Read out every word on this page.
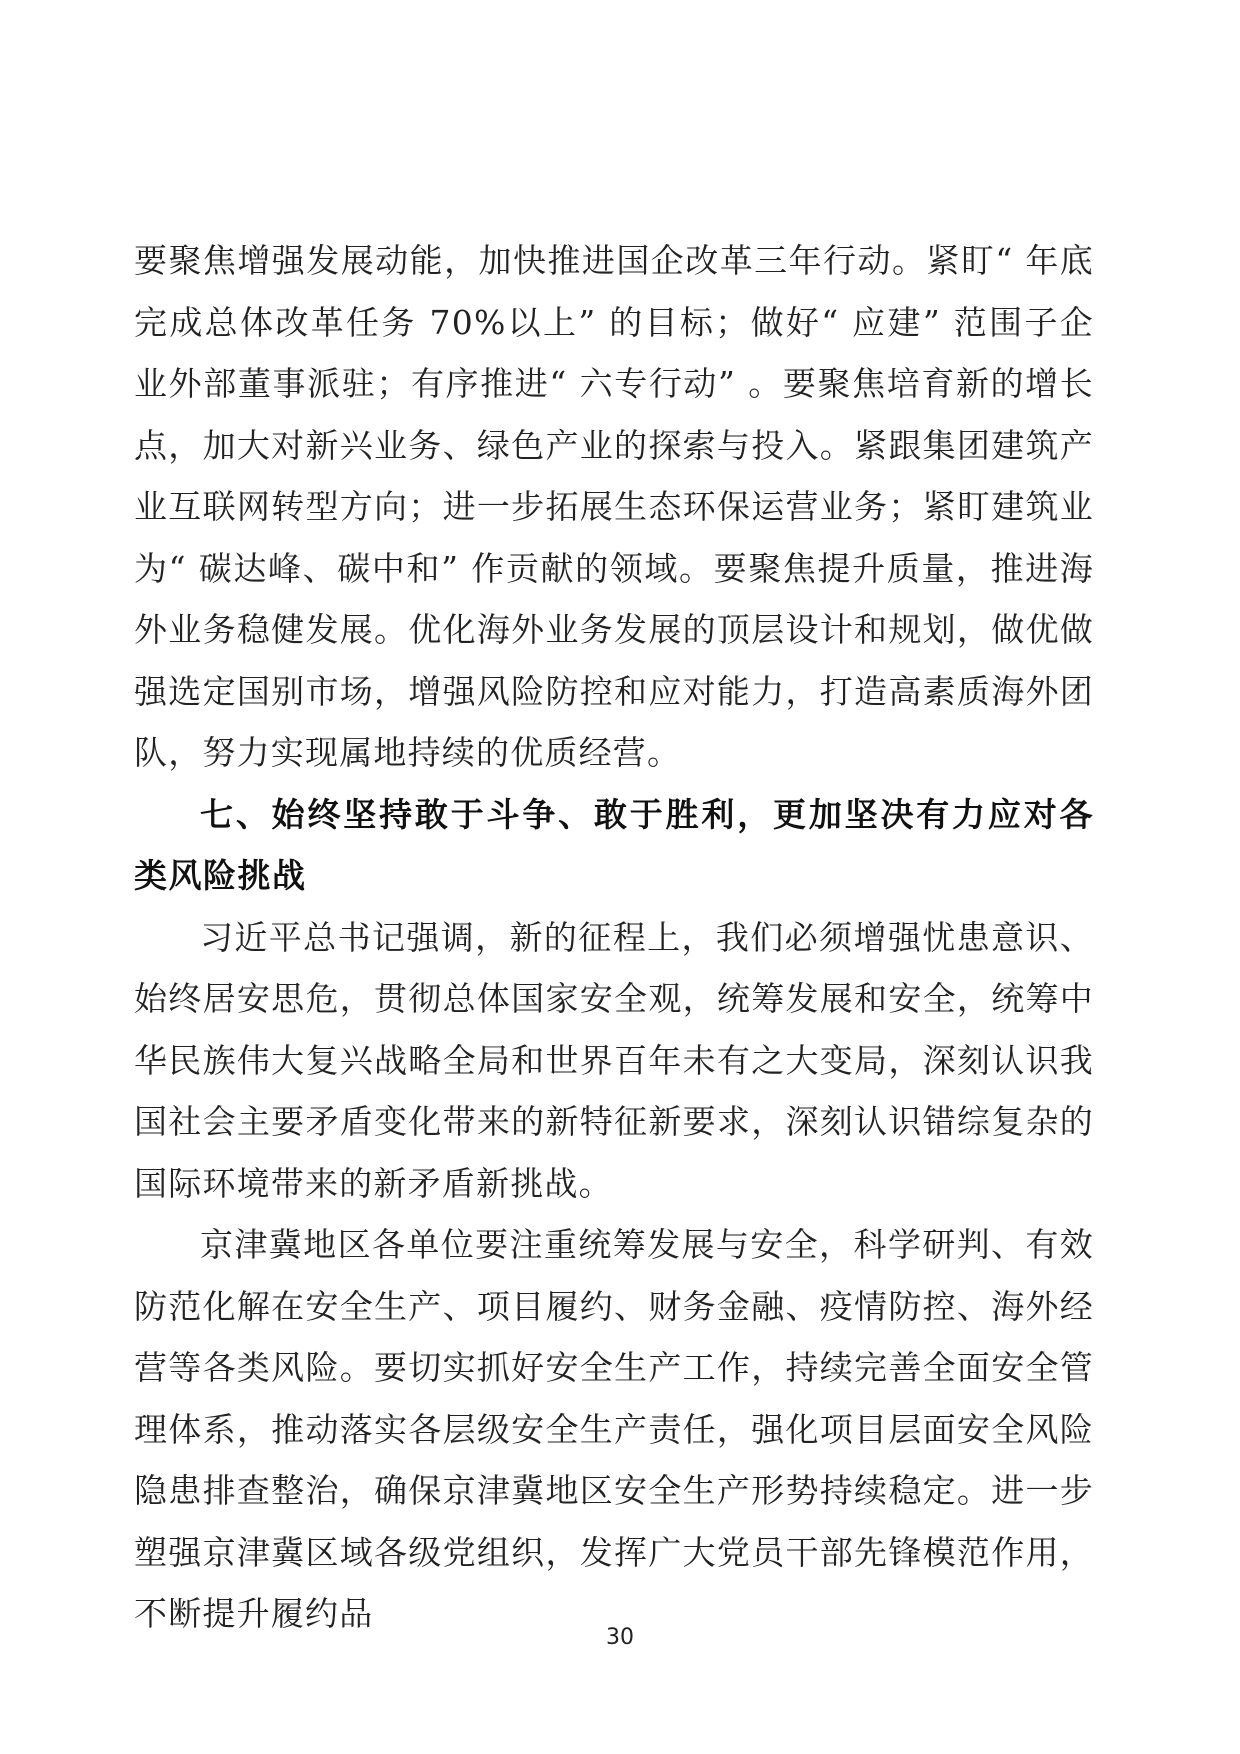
要聚焦增强发展动能，加快推进国企改革三年行动。紧盯“ 年底完成总体改革任务 70%以上” 的目标；做好“ 应建” 范围子企业外部董事派驻；有序推进“ 六专行动” 。要聚焦培育新的增长点，加大对新兴业务、绿色产业的探索与投入。紧跟集团建筑产业互联网转型方向；进一步拓展生态环保运营业务；紧盯建筑业为“ 碳达峰、碳中和” 作贡献的领域。要聚焦提升质量，推进海外业务稳健发展。优化海外业务发展的顶层设计和规划，做优做强选定国别市场，增强风险防控和应对能力，打造高素质海外团队，努力实现属地持续的优质经营。

七、始终坚持敢于斗争、敢于胜利，更加坚决有力应对各类风险挑战

习近平总书记强调，新的征程上，我们必须增强忧患意识、始终居安思危，贯彻总体国家安全观，统筹发展和安全，统筹中华民族伟大复兴战略全局和世界百年未有之大变局，深刻认识我国社会主要矛盾变化带来的新特征新要求，深刻认识错综复杂的国际环境带来的新矛盾新挑战。

京津冀地区各单位要注重统筹发展与安全，科学研判、有效防范化解在安全生产、项目履约、财务金融、疫情防控、海外经营等各类风险。要切实抓好安全生产工作，持续完善全面安全管理体系，推动落实各层级安全生产责任，强化项目层面安全风险隐患排查整治，确保京津冀地区安全生产形势持续稳定。进一步塑强京津冀区域各级党组织，发挥广大党员干部先锋模范作用，不断提升履约品

30
